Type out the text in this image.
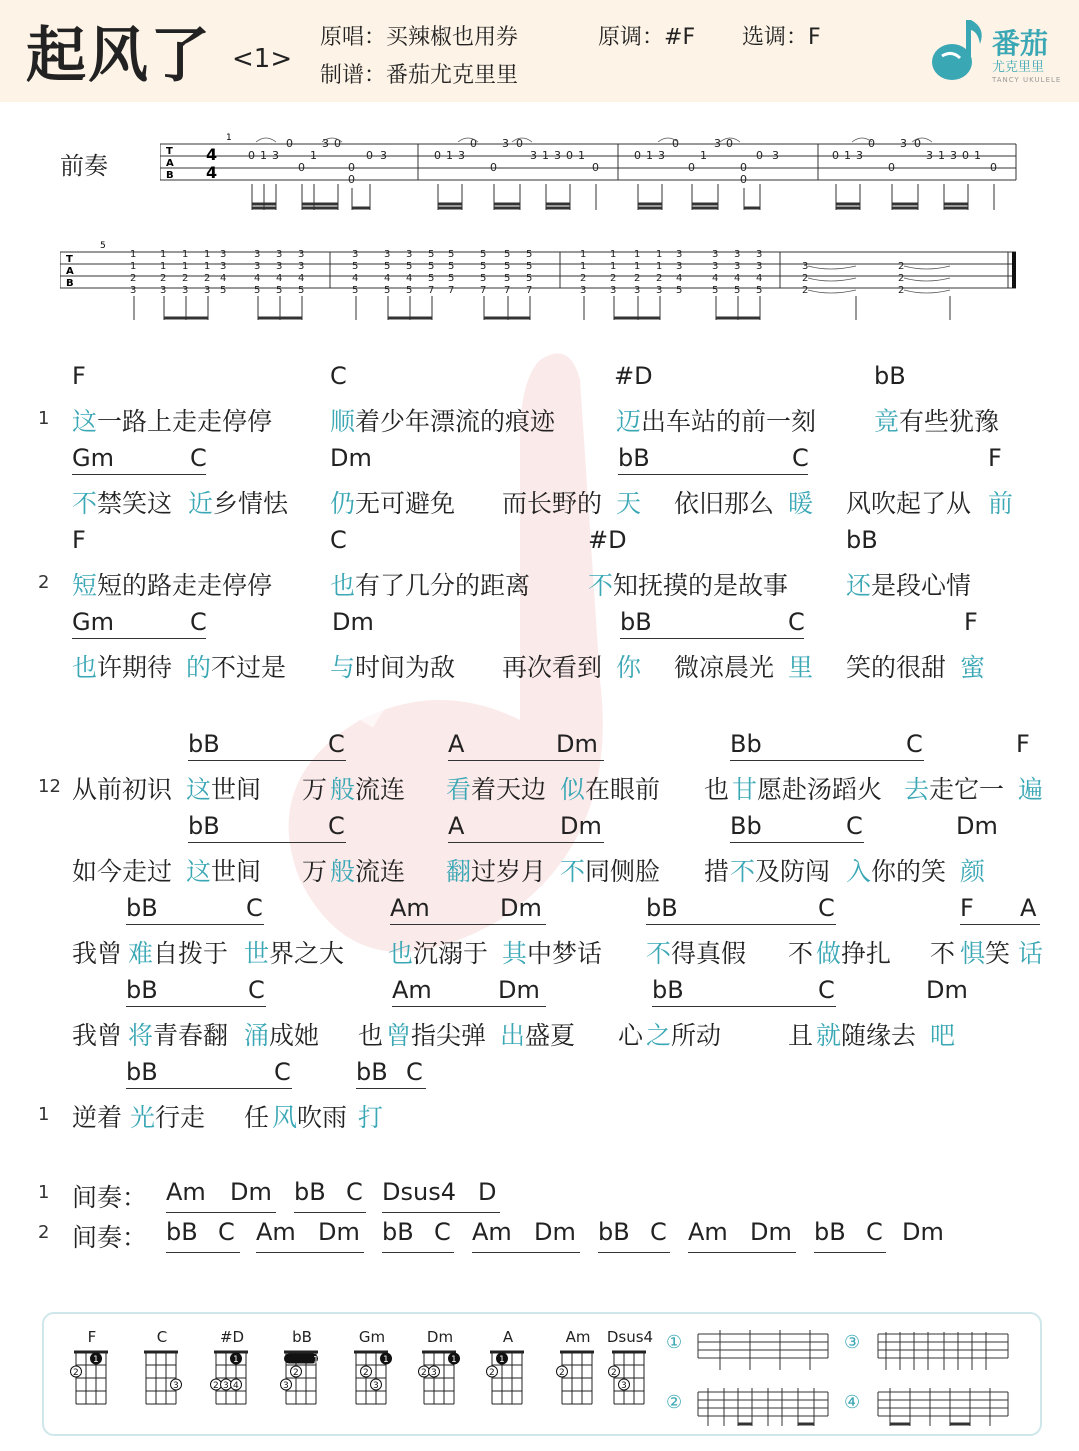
起风了 <1>
原唱：买辣椒也用券	原调：#F 选调：F
制谱：番茄尤克里里
番茄
尤克里里
TANCY UKULELE
前奏
T
A
B
4
4
1
0 1 3
0
1
0
3 0
0
0
0 3	0 1 3
0
0
3 0
3 1 3 0 1
0
0 1 3
0
0
1
3 0
0
0
0 3	0 1 3
0
0
3 0
3 1 3 0 1
0
T
A
B
5
1
1
2
3
1
1
2
3
1
1
2
3
1
1
2
3
3
3
4
5
3
3
4
5
3
3
4
5
3
3
4
5
3
5
4
5
3
5
4
5
3
5
4
5
5
5
5
7
5
5
5
7
5
5
5
7
5
5
5
7
5
5
5
7
1
1
2
3
1
1
2
3
1
1
2
3
1
1
2
3
3
3
4
5
3
3
4
5
3
3
4
5
3
3
4
5
3
2
2
2
2
2
1
F	C	#D	bB
这一路上走走停停 顺着少年漂流的痕迹 迈出车站的前一刻 竟有些犹豫
Gm	C	Dm	bB	C	F
不禁笑这 近乡情怯 仍无可避免 而长野的 天 依旧那么 暖 风吹起了从 前
2
F	C	#D	bB
短短的路走走停停 也有了几分的距离 不知抚摸的是故事 还是段心情
Gm	C	Dm	bB	C	F
也许期待 的不过是 与时间为敌 再次看到 你 微凉晨光 里 笑的很甜 蜜
12
bB	C	A	Dm	Bb	C	F
从前初识 这世间 万 般流连 看着天边 似在眼前 也 甘愿赴汤蹈火 去走它一 遍
bB	C	A	Dm	Bb	C	Dm
如今走过 这世间 万 般流连 翻过岁月 不同侧脸 措 不及防闯 入你的笑 颜
bB	C	Am	Dm	bB	C	F A
我曾 难自拨于 世界之大 也沉溺于 其中梦话 不得真假 不 做挣扎 不 惧笑 话
bB	C	Am	Dm	bB	C	Dm
我曾 将青春翻 涌成她 也 曾指尖弹 出盛夏 心 之所动	且 就随缘去 吧
1
bB	C	bB C
逆着 光行走 任 风吹雨 打
1 间奏： Am Dm bB C Dsus4 D
2 间奏： bB C Am Dm bB C Am Dm bB C Am Dm bB C Dm
F
1
2
C
3
#D
1
2 3 4
bB
1
3
2
Gm
1
2
3
Dm
1
2 3
A
1
2
Am
2
Dsus4
2
3
①
②
③
④
